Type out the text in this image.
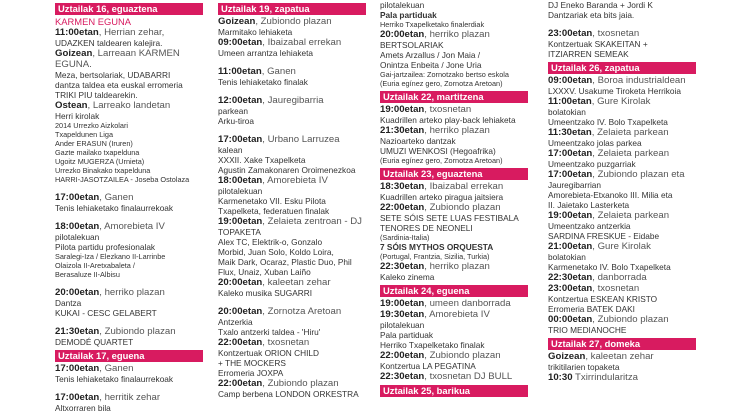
Uztailak 16, eguaztena
KARMEN EGUNA
11:00etan, Herrian zehar,
UDAZKEN taldearen kalejira.
Goizean, Larreaan KARMEN EGUNA.
Meza, bertsolariak, UDABARRI
dantza taldea eta euskal erromeria
TRIKI PIU taldearekin.
Ostean, Larreako landetan
Herri kirolak
2014 Urrezko Aizkolari
Txapeldunen Liga
Ander ERASUN (Iruren)
Gazte mailako txapelduna
Ugoitz MUGERZA (Urnieta)
Urrezko Binakako txapelduna
HARRI-JASOTZAILEA - Joseba Ostolaza
17:00etan, Ganen
Tenis lehiaketako finalaurrekoak
18:00etan, Amorebieta IV
pilotalekuan
Pilota partidu profesionalak
Saralegi-Iza / Elezkano II-Larrinbe
Olaizola II-Aretxabaleta /
Berasaluze II-Albisu
20:00etan, herriko plazan
Dantza
KUKAI - CESC GELABERT
21:30etan, Zubiondo plazan
DEMODÉ QUARTET
Uztailak 17, eguena
17:00etan, Ganen
Tenis lehiaketako finalaurrekoak
17:00etan, herritik zehar
Altxorraren bila
Uztailak 19, zapatua
Goizean, Zubiondo plazan
Marmitako lehiaketa
09:00etan, Ibaizabal errekan
Umeen arrantza lehiaketa
11:00etan, Ganen
Tenis lehiaketako finalak
12:00etan, Jauregibarria
parkean
Arku-tiroa
17:00etan, Urbano Larruzea
kalean
XXXII. Xake Txapelketa
Agustin Zamakonaren Oroimenezkoa
18:00etan, Amorebieta IV
pilotalekuan
Karmenetako VII. Esku Pilota
Txapelketa, federatuen finalak
19:00etan, Zelaieta zentroan - DJ
TOPAKETA
Alex TC, Elektrik-o, Gonzalo
Morbid, Juan Solo, Koldo Loira,
Maik Dark, Ocaraz, Plastic Duo, Phil
Flux, Unaiz, Xuban Laiño
20:00etan, kaleetan zehar
Kaleko musika SUGARRI
20:00etan, Zornotza Aretoan
Antzerkia
Txalo antzerki taldea - 'Hiru'
22:00etan, txosnetan
Kontzertuak ORION CHILD
+ THE MOCKERS
Erromeria JOXPA
22:00etan, Zubiondo plazan
Camp berbena LONDON ORKESTRA
pilotalekuan
Pala partiduak
Herriko Txapelketako finalerdiak
20:00etan, herriko plazan
BERTSOLARIAK
Amets Arzallus / Jon Maia /
Onintza Enbeita / Jone Uria
Gai-jartzailea: Zornotzako bertso eskola
(Euria egínez gero, Zornotza Aretoan)
Uztailak 22, martitzena
19:00etan, txosnetan
Kuadrillen arteko play-back lehiaketa
21:30etan, herriko plazan
Nazioarteko dantzak
UMUZI WENKOSI (Hegoafrika)
(Euria egínez gero, Zornotza Aretoan)
Uztailak 23, eguaztena
18:30etan, Ibaizabal errekan
Kuadrillen arteko piragua jaitsiera
22:00etan, Zubiondo plazan
SETE SÓIS SETE LUAS FESTIBALA
TENORES DE NEONELI
(Sardinia-Italia)
7 SÓIS MYTHOS ORQUESTA
(Portugal, Frantzia, Sizilia, Turkia)
22:30etan, herriko plazan
Kaleko zinema
Uztailak 24, eguena
19:00etan, umeen danborrada
19:30etan, Amorebieta IV
pilotalekuan
Pala partiduak
Herriko Txapelketako finalak
22:00etan, Zubiondo plazan
Kontzertua LA PEGATINA
22:30etan, txosnetan DJ BULL
Uztailak 25, barikua
DJ Eneko Baranda + Jordi K
Dantzariak eta bits jaia.
23:00etan, txosnetan
Kontzertuak SKAKEITAN +
ITZIARREN SEMEAK
Uztailak 26, zapatua
09:00etan, Boroa industrialdean
LXXXV. Usakume Tiroketa Herrikoia
11:00etan, Gure Kirolak
bolatokian
Umeentzako IV. Bolo Txapelketa
11:30etan, Zelaieta parkean
Umeentzako jolas parkea
17:00etan, Zelaieta parkean
Umeentzako puzgarriak
17:00etan, Zubiondo plazan eta
Jauregibarrian
Amorebieta-Etxanoko III. Milia eta
II. Jaietako Lasterketa
19:00etan, Zelaieta parkean
Umeentzako antzerkia
SARDINA FRESKUE - Eidabe
21:00etan, Gure Kirolak
bolatokian
Karmenetako IV. Bolo Txapelketa
22:30etan, danborrada
23:00etan, txosnetan
Kontzertua ESKEAN KRISTO
Erromeria BATEK DAKI
00:00etan, Zubiondo plazan
TRIO MEDIANOCHE
Uztailak 27, domeka
Goizean, kaleetan zehar
trikitilarien topaketa
10:30 Txirrindularitza
